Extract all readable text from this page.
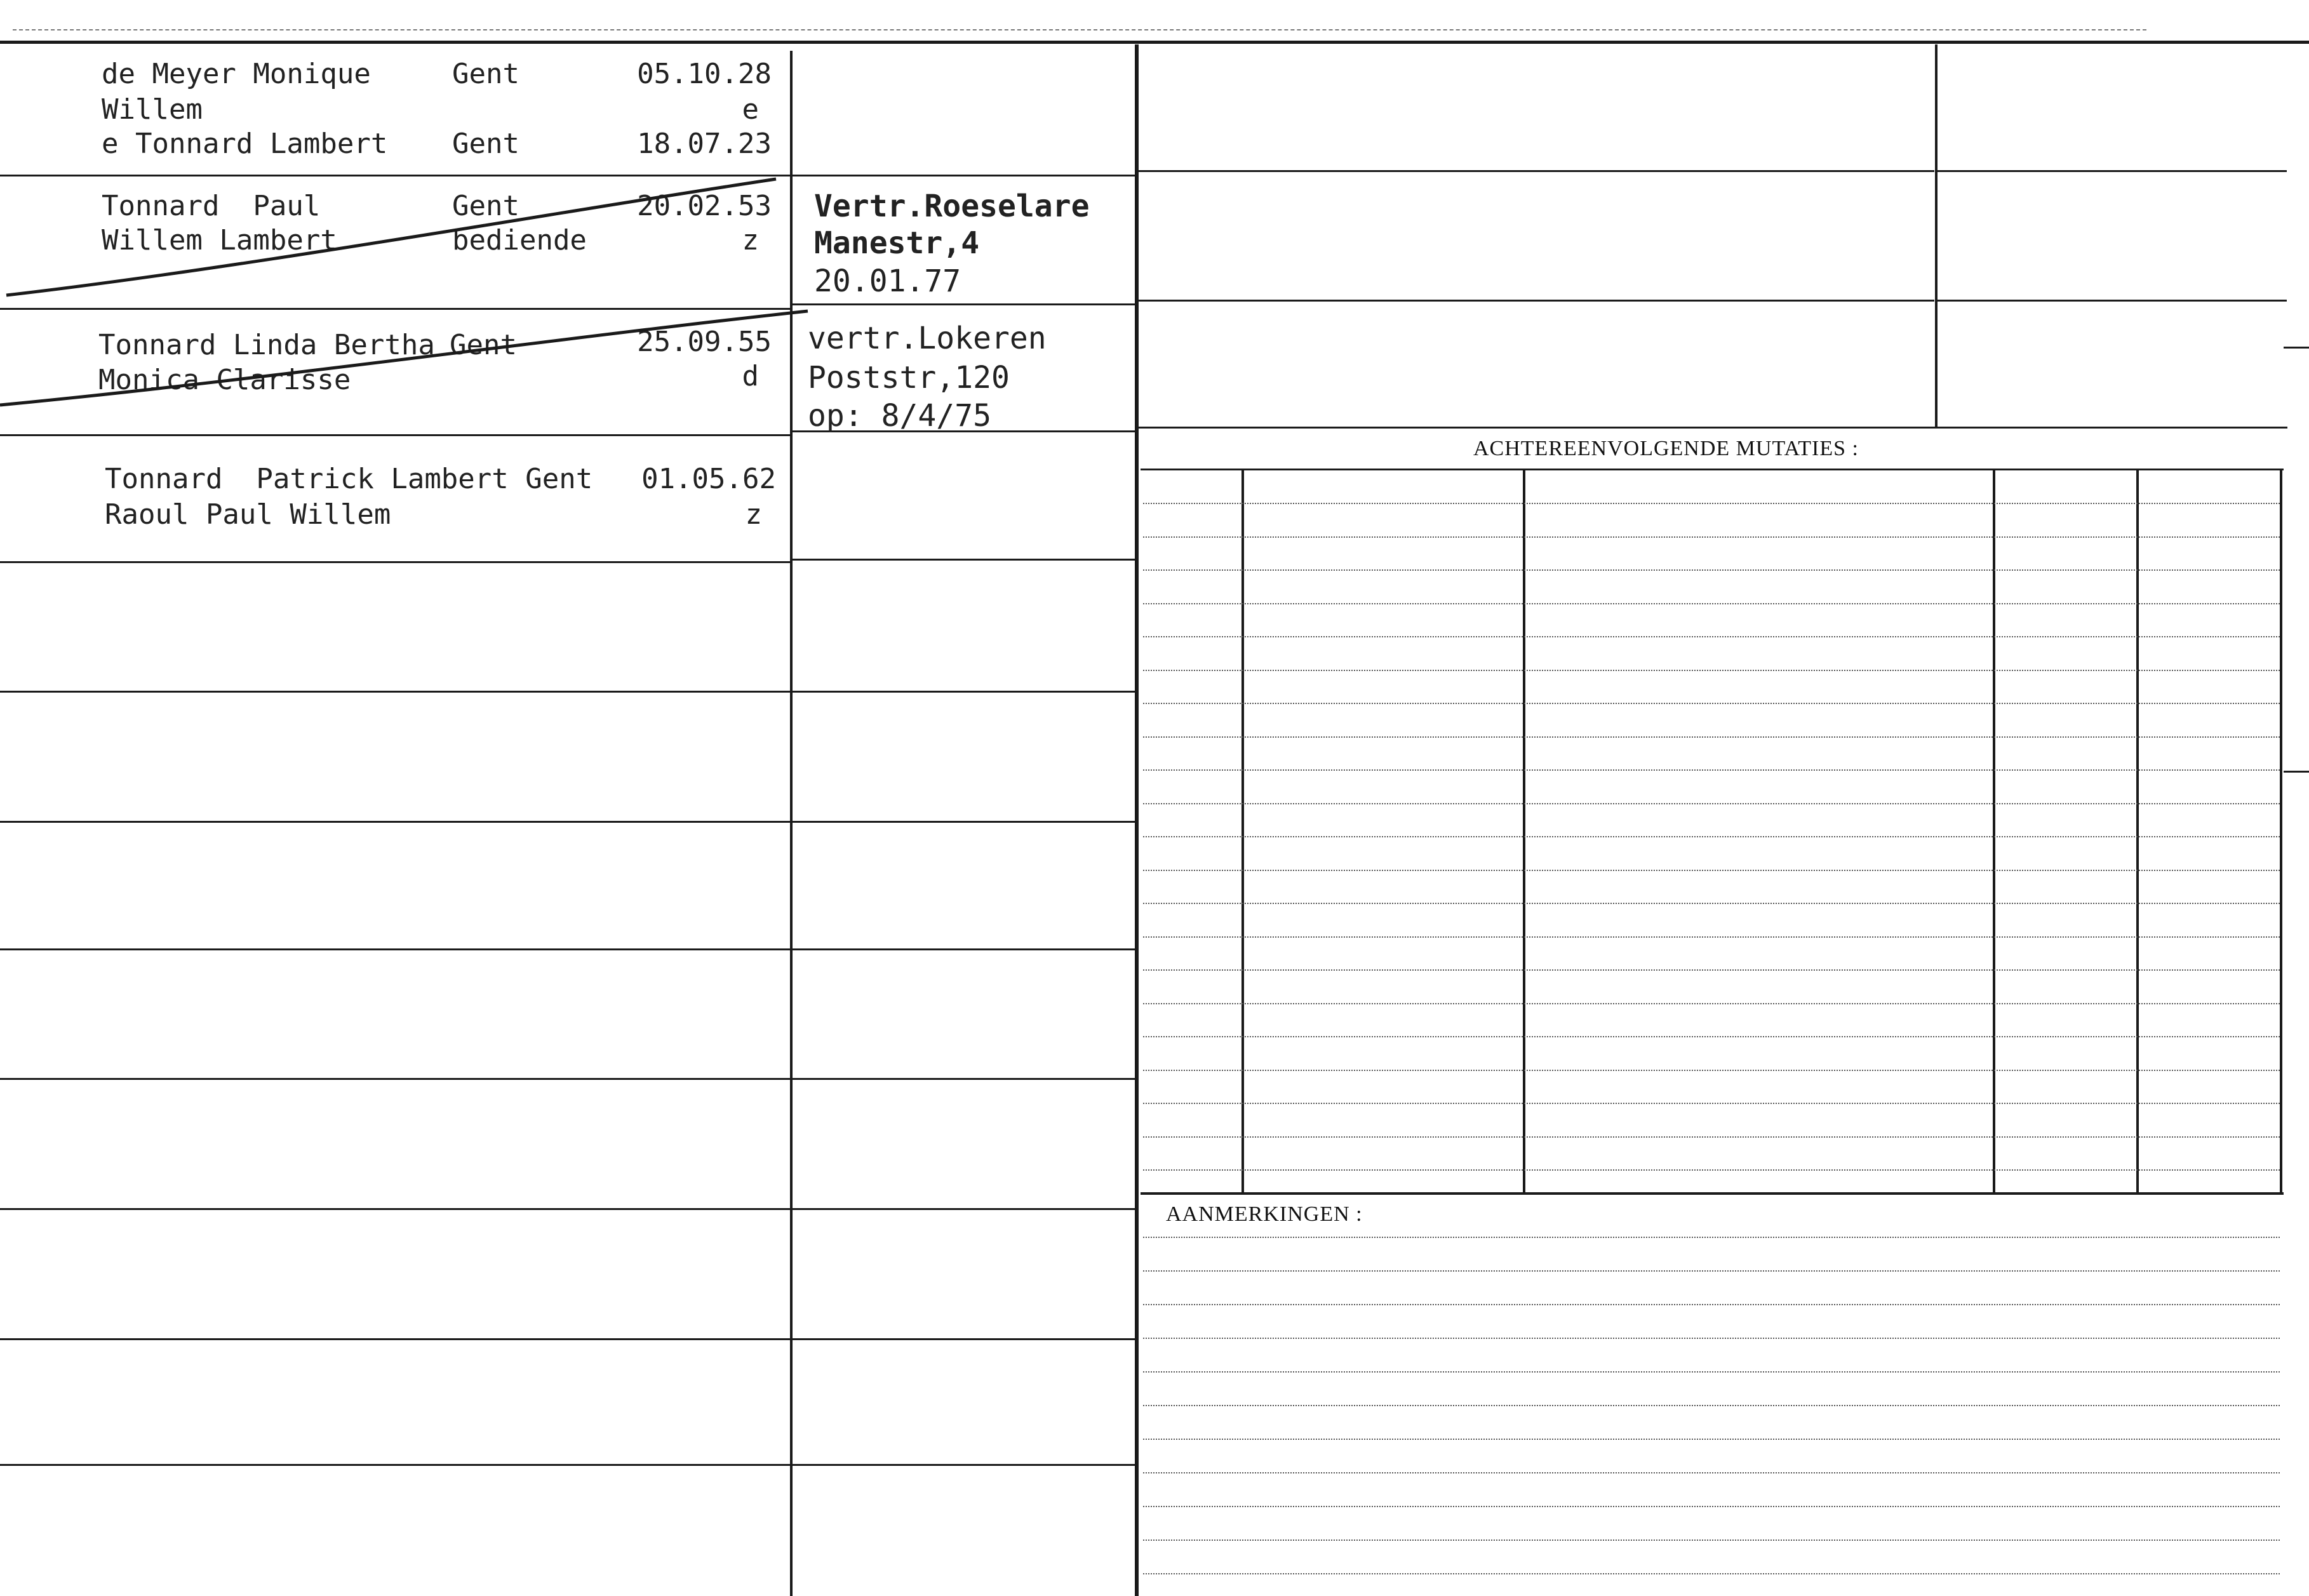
de Meyer Monique
Willem
e Tonnard Lambert
Gent
Gent
05.10.28
e
18.07.23
Tonnard  Paul
Willem Lambert
Gent
bediende
20.02.53
z
Vertr.Roeselare
Manestr,4
20.01.77
Tonnard Linda Bertha
Monica Clarisse
Gent	25.09.55
d
vertr.Lokeren
Poststr,120
op: 8/4/75
Tonnard  Patrick Lambert Gent
Raoul Paul Willem
01.05.62
z
ACHTEREENVOLGENDE MUTATIES :
AANMERKINGEN :
